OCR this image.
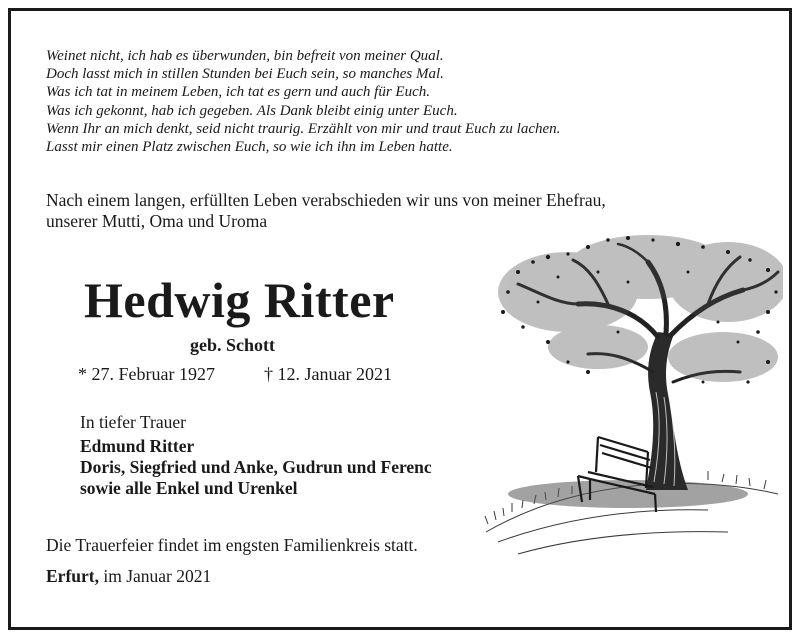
Weinet nicht, ich hab es überwunden, bin befreit von meiner Qual.
Doch lasst mich in stillen Stunden bei Euch sein, so manches Mal.
Was ich tat in meinem Leben, ich tat es gern und auch für Euch.
Was ich gekonnt, hab ich gegeben. Als Dank bleibt einig unter Euch.
Wenn Ihr an mich denkt, seid nicht traurig. Erzählt von mir und traut Euch zu lachen.
Lasst mir einen Platz zwischen Euch, so wie ich ihn im Leben hatte.
Nach einem langen, erfüllten Leben verabschieden wir uns von meiner Ehefrau,
unserer Mutti, Oma und Uroma
Hedwig Ritter
geb. Schott
* 27. Februar 1927	† 12. Januar 2021
In tiefer Trauer
Edmund Ritter
Doris, Siegfried und Anke, Gudrun und Ferenc
sowie alle Enkel und Urenkel
Die Trauerfeier findet im engsten Familienkreis statt.
Erfurt, im Januar 2021
